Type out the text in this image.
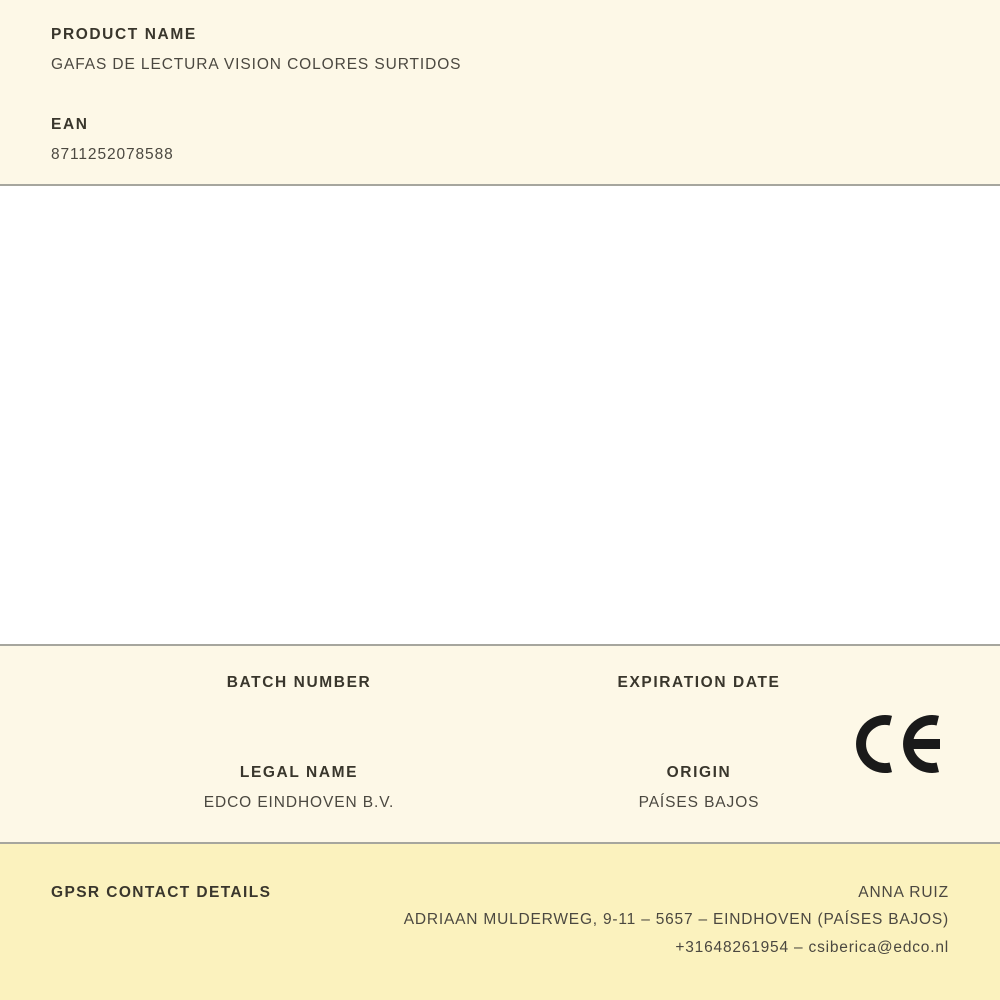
PRODUCT NAME
GAFAS DE LECTURA VISION COLORES SURTIDOS
EAN
8711252078588
BATCH NUMBER	EXPIRATION DATE
LEGAL NAME
EDCO EINDHOVEN B.V.
ORIGIN
PAÍSES BAJOS
GPSR CONTACT DETAILS	ANNA RUIZ
ADRIAAN MULDERWEG, 9-11 – 5657 – EINDHOVEN (PAÍSES BAJOS)
+31648261954 – csiberica@edco.nl
